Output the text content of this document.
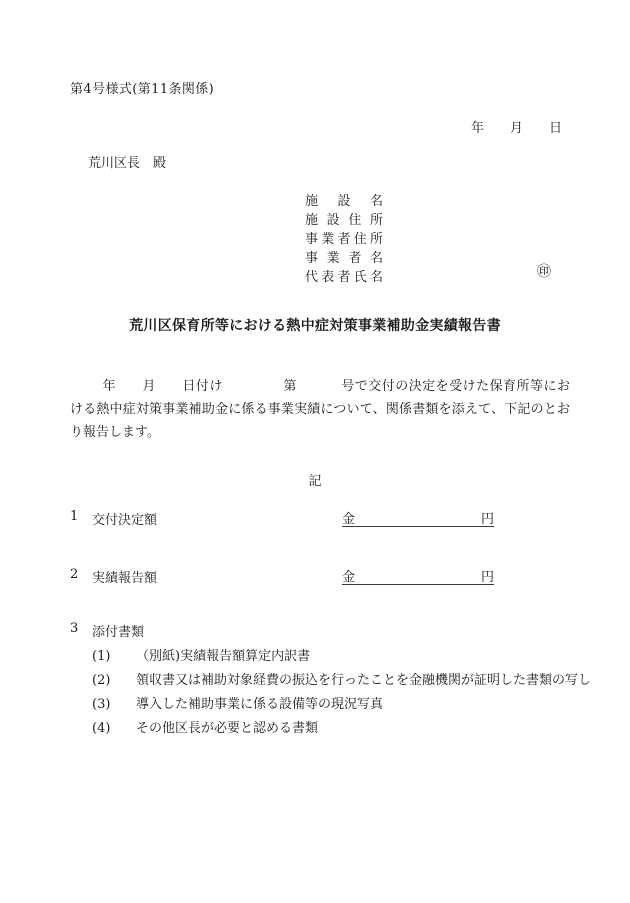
第4号様式(第11条関係)
年 月 日
荒川区長　殿
施設名
施設住所
事業者住所
事業者名
代表者氏名	㊞
荒川区保育所等における熱中症対策事業補助金実績報告書
年 月 日付け	第	号で交付の決定を受けた保育所等における熱中症対策事業補助金に係る事業実績について、関係書類を添えて、下記のとおり報告します。
記
1 交付決定額	金	円
2 実績報告額	金	円
3 添付書類
(1) （別紙)実績報告額算定内訳書
(2) 領収書又は補助対象経費の振込を行ったことを金融機関が証明した書類の写し
(3) 導入した補助事業に係る設備等の現況写真
(4) その他区長が必要と認める書類
